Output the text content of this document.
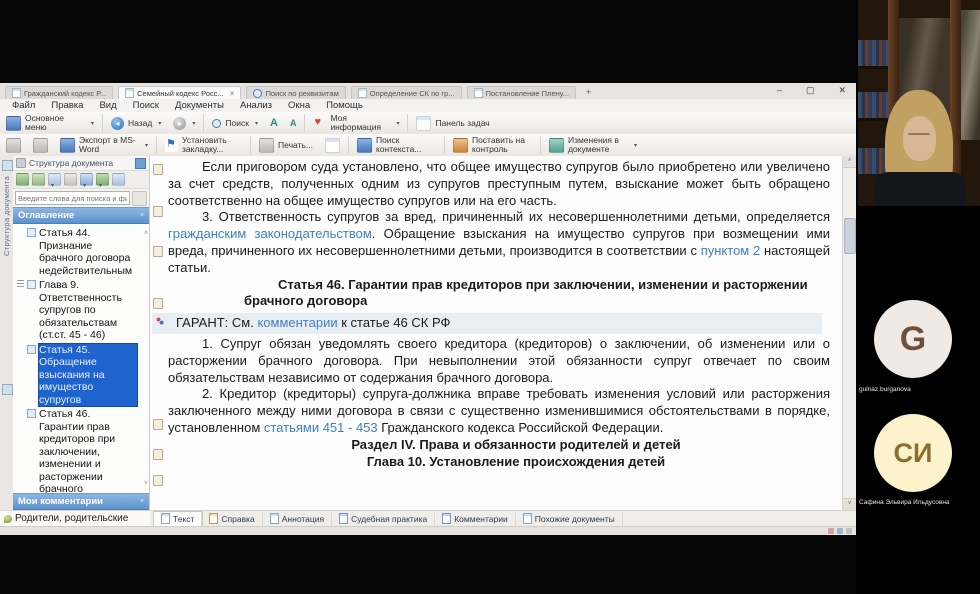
Гражданский кодекс Р...	Семейный кодекс Росс... ×	Поиск по реквизитам	Определение СК по гр...	Постановление Плену... +	–	▢	✕
Файл	Правка	Вид	Поиск	Документы	Анализ	Окна	Помощь
Основное меню
▾	◂	Назад
▾	▸
▾	Поиск
▾ А А ♥	Моя информация
▾	Панель задач
Экспорт в MS-Word
▾
⚑
Установить закладку...	Печать...	Поиск контекста...
Поставить на контроль
Изменения в документе
▾
Структура документа
Структура документа
▾
▾
▾
Введите слова для поиска и фи
Оглавление	×
Статья 44. Признание брачного договора недействительным
Глава 9. Ответственность супругов по обязательствам (ст.ст. 45 - 46)
Статья 45. Обращение взыскания на имущество супругов
Статья 46. Гарантии прав кредиторов при заключении, изменении и расторжении брачного
˄
˅
Мои комментарии	×
Родители, родительские

Если приговором суда установлено, что общее имущество супругов было приобретено или увеличено за счет средств, полученных одним из супругов преступным путем, взыскание может быть обращено соответственно на общее имущество супругов или на его часть.

3. Ответственность супругов за вред, причиненный их несовершеннолетними детьми, определяется гражданским законодательством. Обращение взыскания на имущество супругов при возмещении ими вреда, причиненного их несовершеннолетними детьми, производится в соответствии с пунктом 2 настоящей статьи.

Статья 46. Гарантии прав кредиторов при заключении, изменении и расторжении брачного договора

ГАРАНТ: См. комментарии к статье 46 СК РФ

1. Супруг обязан уведомлять своего кредитора (кредиторов) о заключении, об изменении или о расторжении брачного договора. При невыполнении этой обязанности супруг отвечает по своим обязательствам независимо от содержания брачного договора.

2. Кредитор (кредиторы) супруга-должника вправе требовать изменения условий или расторжения заключенного между ними договора в связи с существенно изменившимися обстоятельствами в порядке, установленном статьями 451 - 453 Гражданского кодекса Российской Федерации.

Раздел IV. Права и обязанности родителей и детей

Глава 10. Установление происхождения детей

˄
˅
Текст	Справка	Аннотация	Судебная практика	Комментарии	Похожие документы
G
gulnaz.burganova
СИ
Сафина Эльвира Ильдусовна
